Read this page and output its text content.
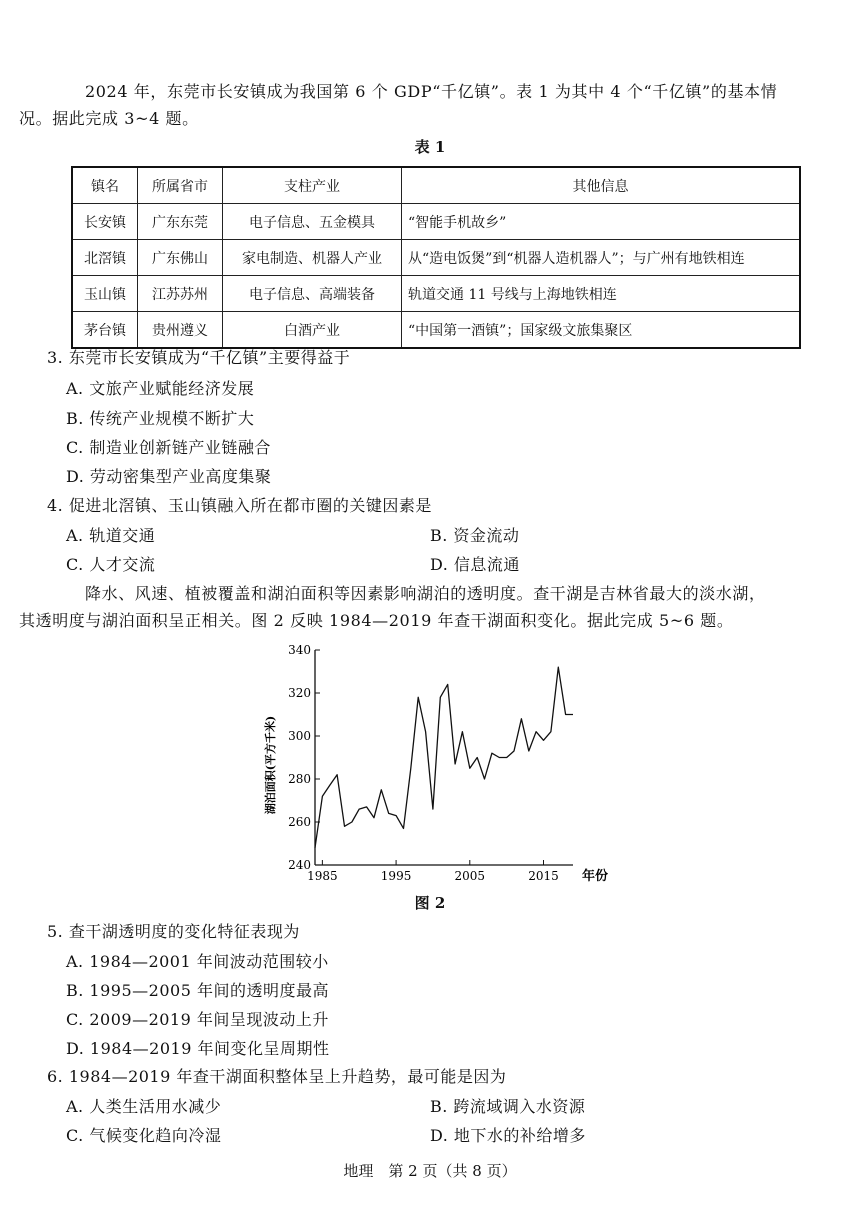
2024 年，东莞市长安镇成为我国第 6 个 GDP“千亿镇”。表 1 为其中 4 个“千亿镇”的基本情
况。据此完成 3~4 题。
表 1
镇名	所属省市	支柱产业	其他信息
长安镇	广东东莞	电子信息、五金模具	“智能手机故乡”
北滘镇	广东佛山	家电制造、机器人产业	从“造电饭煲”到“机器人造机器人”；与广州有地铁相连
玉山镇	江苏苏州	电子信息、高端装备	轨道交通 11 号线与上海地铁相连
茅台镇	贵州遵义	白酒产业	“中国第一酒镇”；国家级文旅集聚区
3. 东莞市长安镇成为“千亿镇”主要得益于
A. 文旅产业赋能经济发展
B. 传统产业规模不断扩大
C. 制造业创新链产业链融合
D. 劳动密集型产业高度集聚
4. 促进北滘镇、玉山镇融入所在都市圈的关键因素是
A. 轨道交通	B. 资金流动
C. 人才交流	D. 信息流通
降水、风速、植被覆盖和湖泊面积等因素影响湖泊的透明度。查干湖是吉林省最大的淡水湖，
其透明度与湖泊面积呈正相关。图 2 反映 1984—2019 年查干湖面积变化。据此完成 5~6 题。
240
260
280
300
320
340
1985	1995	2005	2015
湖泊面积(平方千米)
年份
图 2
5. 查干湖透明度的变化特征表现为
A. 1984—2001 年间波动范围较小
B. 1995—2005 年间的透明度最高
C. 2009—2019 年间呈现波动上升
D. 1984—2019 年间变化呈周期性
6. 1984—2019 年查干湖面积整体呈上升趋势，最可能是因为
A. 人类生活用水减少	B. 跨流域调入水资源
C. 气候变化趋向冷湿	D. 地下水的补给增多
地理　第 2 页（共 8 页）
